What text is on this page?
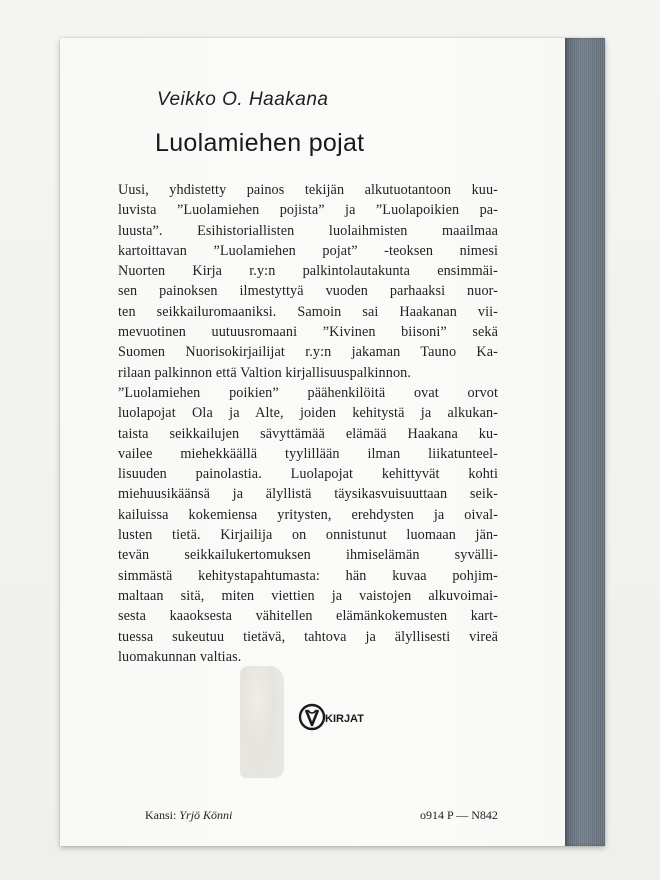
Veikko O. Haakana
Luolamiehen pojat
Uusi, yhdistetty painos tekijän alkutuotantoon kuu-
luvista ”Luolamiehen pojista” ja ”Luolapoikien pa-
luusta”. Esihistoriallisten luolaihmisten maailmaa
kartoittavan ”Luolamiehen pojat” -teoksen nimesi
Nuorten Kirja r.y:n palkintolautakunta ensimmäi-
sen painoksen ilmestyttyä vuoden parhaaksi nuor-
ten seikkailuromaaniksi. Samoin sai Haakanan vii-
mevuotinen uutuusromaani ”Kivinen biisoni” sekä
Suomen Nuorisokirjailijat r.y:n jakaman Tauno Ka-
rilaan palkinnon että Valtion kirjallisuuspalkinnon.
”Luolamiehen poikien” päähenkilöitä ovat orvot
luolapojat Ola ja Alte, joiden kehitystä ja alkukan-
taista seikkailujen sävyttämää elämää Haakana ku-
vailee miehekkäällä tyylillään ilman liikatunteel-
lisuuden painolastia. Luolapojat kehittyvät kohti
miehuusikäänsä ja älyllistä täysikasvuisuuttaan seik-
kailuissa kokemiensa yritysten, erehdysten ja oival-
lusten tietä. Kirjailija on onnistunut luomaan jän-
tevän seikkailukertomuksen ihmiselämän syvälli-
simmästä kehitystapahtumasta: hän kuvaa pohjim-
maltaan sitä, miten viettien ja vaistojen alkuvoimai-
sesta kaaoksesta vähitellen elämänkokemusten kart-
tuessa sukeutuu tietävä, tahtova ja älyllisesti vireä
luomakunnan valtias.
KIRJAT
Kansi: Yrjö Könni	o914 P — N842
